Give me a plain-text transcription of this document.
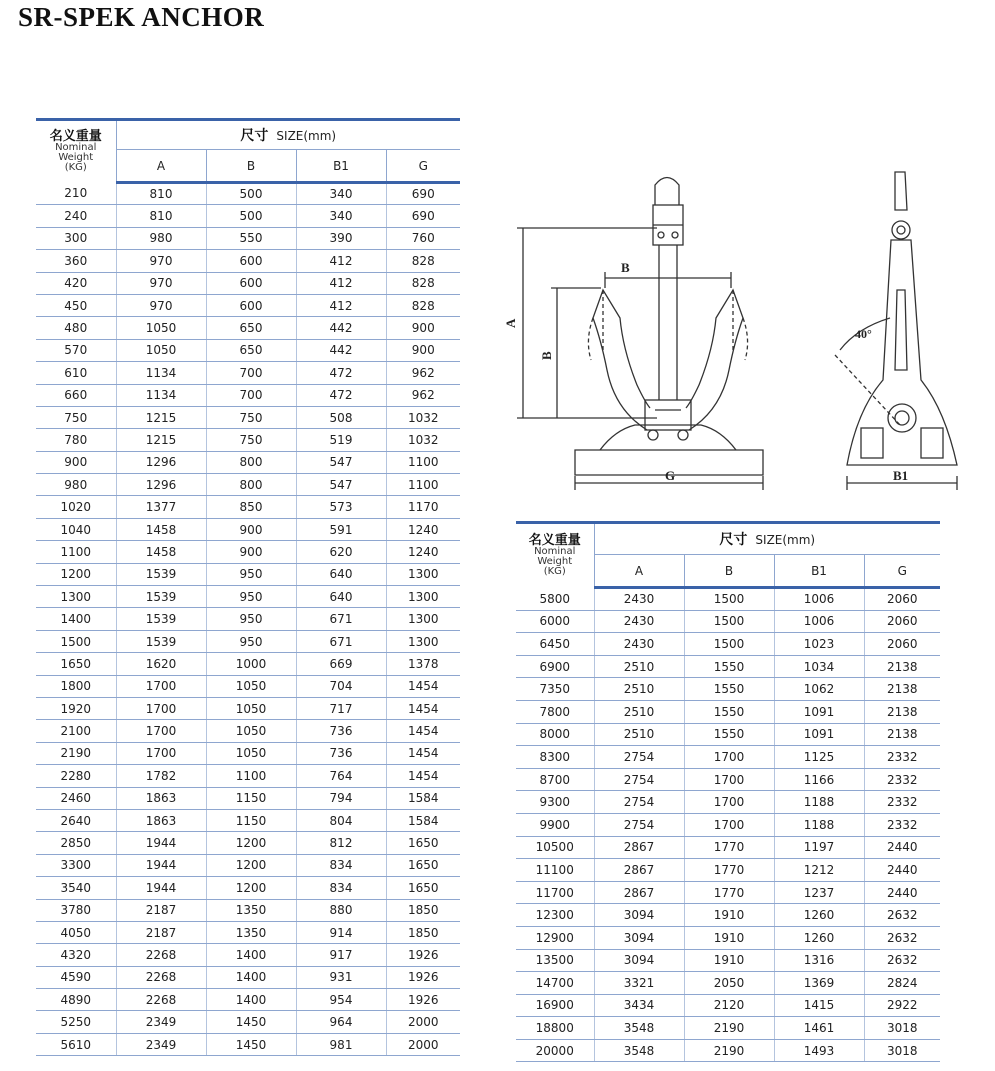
SR-SPEK ANCHOR
名义重量
Nominal
Weight
(KG)	尺寸 SIZE(mm)			
	A	B	B1	G
210	810	500	340	690
240	810	500	340	690
300	980	550	390	760
360	970	600	412	828
420	970	600	412	828
450	970	600	412	828
480	1050	650	442	900
570	1050	650	442	900
610	1134	700	472	962
660	1134	700	472	962
750	1215	750	508	1032
780	1215	750	519	1032
900	1296	800	547	1100
980	1296	800	547	1100
1020	1377	850	573	1170
1040	1458	900	591	1240
1100	1458	900	620	1240
1200	1539	950	640	1300
1300	1539	950	640	1300
1400	1539	950	671	1300
1500	1539	950	671	1300
1650	1620	1000	669	1378
1800	1700	1050	704	1454
1920	1700	1050	717	1454
2100	1700	1050	736	1454
2190	1700	1050	736	1454
2280	1782	1100	764	1454
2460	1863	1150	794	1584
2640	1863	1150	804	1584
2850	1944	1200	812	1650
3300	1944	1200	834	1650
3540	1944	1200	834	1650
3780	2187	1350	880	1850
4050	2187	1350	914	1850
4320	2268	1400	917	1926
4590	2268	1400	931	1926
4890	2268	1400	954	1926
5250	2349	1450	964	2000
5610	2349	1450	981	2000
A
B
B
G	B1
40°
名义重量
Nominal
Weight
(KG)	尺寸 SIZE(mm)			
	A	B	B1	G
5800	2430	1500	1006	2060
6000	2430	1500	1006	2060
6450	2430	1500	1023	2060
6900	2510	1550	1034	2138
7350	2510	1550	1062	2138
7800	2510	1550	1091	2138
8000	2510	1550	1091	2138
8300	2754	1700	1125	2332
8700	2754	1700	1166	2332
9300	2754	1700	1188	2332
9900	2754	1700	1188	2332
10500	2867	1770	1197	2440
11100	2867	1770	1212	2440
11700	2867	1770	1237	2440
12300	3094	1910	1260	2632
12900	3094	1910	1260	2632
13500	3094	1910	1316	2632
14700	3321	2050	1369	2824
16900	3434	2120	1415	2922
18800	3548	2190	1461	3018
20000	3548	2190	1493	3018
